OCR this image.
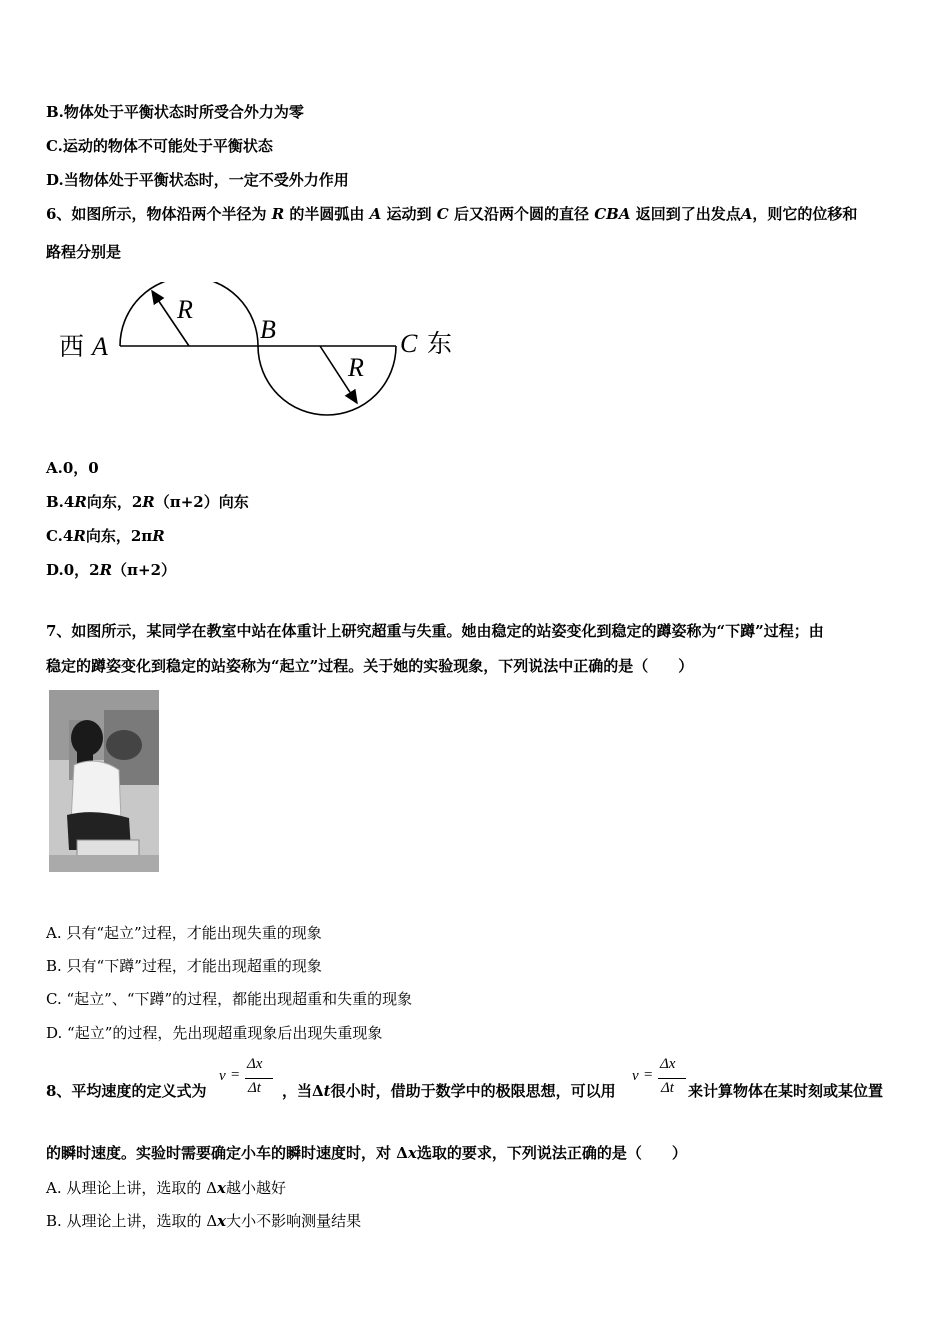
B.物体处于平衡状态时所受合外力为零
C.运动的物体不可能处于平衡状态
D.当物体处于平衡状态时，一定不受外力作用
6、如图所示，物体沿两个半径为 R 的半圆弧由 A 运动到 C 后又沿两个圆的直径 CBA 返回到了出发点A，则它的位移和
路程分别是
西 A
R
B
R
C 东
A.0，0
B.4R向东，2R（π+2）向东
C.4R向东，2πR
D.0，2R（π+2）
7、如图所示，某同学在教室中站在体重计上研究超重与失重。她由稳定的站姿变化到稳定的蹲姿称为“下蹲”过程；由
稳定的蹲姿变化到稳定的站姿称为“起立”过程。关于她的实验现象，下列说法中正确的是（　　）
A. 只有“起立”过程，才能出现失重的现象
B. 只有“下蹲”过程，才能出现超重的现象
C. “起立”、“下蹲”的过程，都能出现超重和失重的现象
D. “起立”的过程，先出现超重现象后出现失重现象
8、平均速度的定义式为
v =
Δx
Δt ，当Δt很小时，借助于数学中的极限思想，可以用
v =
Δx
Δt 来计算物体在某时刻或某位置
的瞬时速度。实验时需要确定小车的瞬时速度时，对 Δx选取的要求，下列说法正确的是（　　）
A. 从理论上讲，选取的 Δx越小越好
B. 从理论上讲，选取的 Δx大小不影响测量结果
